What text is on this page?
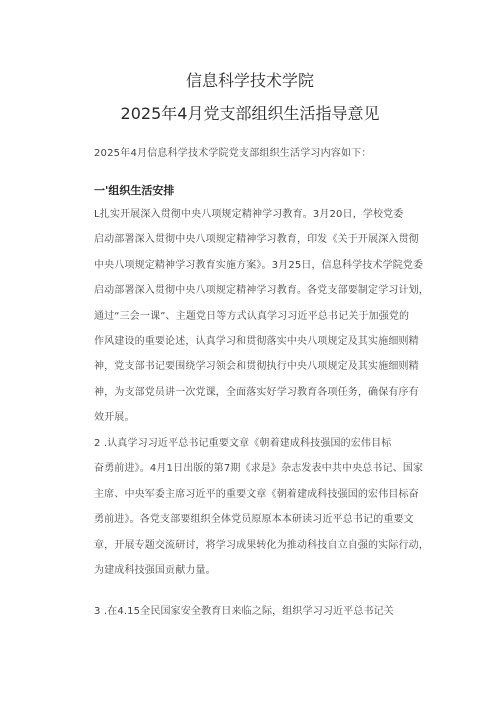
信息科学技术学院
2025年4月党支部组织生活指导意见
2025年4月信息科学技术学院党支部组织生活学习内容如下：
一'组织生活安排
L扎实开展深入贯彻中央八项规定精神学习教育。3月20日，学校党委
启动部署深入贯彻中央八项规定精神学习教育，印发《关于开展深入贯彻
中央八项规定精神学习教育实施方案》。3月25日，信息科学技术学院党委
启动部署深入贯彻中央八项规定精神学习教育。各党支部要制定学习计划，
通过“三会一课”、主题党日等方式认真学习习近平总书记关于加强党的
作风建设的重要论述，认真学习和贯彻落实中央八项规定及其实施细则精
神，党支部书记要围绕学习领会和贯彻执行中央八项规定及其实施细则精
神，为支部党员讲一次党课，全面落实好学习教育各项任务，确保有序有
效开展。
2 .认真学习习近平总书记重要文章《朝着建成科技强国的宏伟目标
奋勇前进》。4月1日出版的第7期《求是》杂志发表中共中央总书记、国家
主席、中央军委主席习近平的重要文章《朝着建成科技强国的宏伟目标奋
勇前进》。各党支部要组织全体党员原原本本研读习近平总书记的重要文
章，开展专题交流研讨，将学习成果转化为推动科技自立自强的实际行动，
为建成科技强国贡献力量。
3 .在4.15全民国家安全教育日来临之际，组织学习习近平总书记关
